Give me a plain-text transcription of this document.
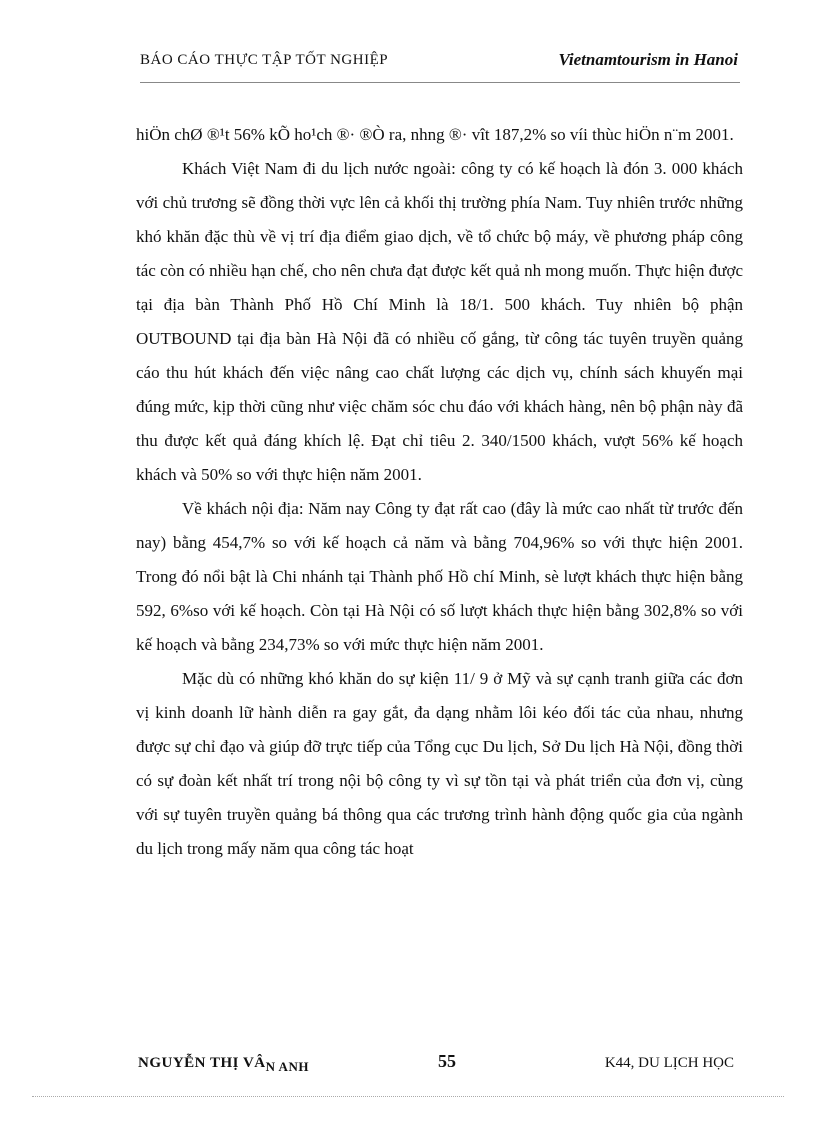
BÁO CÁO THỰC TẬP TỐT NGHIỆP	Vietnamtourism in Hanoi

hiÖn chØ ®¹t 56% kÕ ho¹ch ®· ®Ò ra, nhng ®· vît 187,2% so víi thùc hiÖn n¨m 2001.

Khách Việt Nam đi du lịch nước ngoài: công ty có kế hoạch là đón 3. 000 khách với chủ trương sẽ đồng thời vực lên cả khối thị trường phía Nam. Tuy nhiên trước những khó khăn đặc thù về vị trí địa điểm giao dịch, về tổ chức bộ máy, về phương pháp công tác còn có nhiều hạn chế, cho nên chưa đạt được kết quả nh mong muốn. Thực hiện được tại địa bàn Thành Phố Hồ Chí Minh là 18/1. 500 khách. Tuy nhiên bộ phận OUTBOUND tại địa bàn Hà Nội đã có nhiều cố gắng, từ công tác tuyên truyền quảng cáo thu hút khách đến việc nâng cao chất lượng các dịch vụ, chính sách khuyến mại đúng mức, kịp thời cũng như việc chăm sóc chu đáo với khách hàng, nên bộ phận này đã thu được kết quả đáng khích lệ. Đạt chỉ tiêu 2. 340/1500 khách, vượt 56% kế hoạch khách và 50% so với thực hiện năm 2001.

Về khách nội địa: Năm nay Công ty đạt rất cao (đây là mức cao nhất từ trước đến nay) bằng 454,7% so với kế hoạch cả năm và bằng 704,96% so với thực hiện 2001. Trong đó nổi bật là Chi nhánh tại Thành phố Hồ chí Minh, sè lượt khách thực hiện bằng 592, 6%so với kế hoạch. Còn tại Hà Nội có số lượt khách thực hiện bằng 302,8% so với kế hoạch và bằng 234,73% so với mức thực hiện năm 2001.

Mặc dù có những khó khăn do sự kiện 11/ 9 ở Mỹ và sự cạnh tranh giữa các đơn vị kinh doanh lữ hành diễn ra gay gắt, đa dạng nhằm lôi kéo đối tác của nhau, nhưng được sự chỉ đạo và giúp đỡ trực tiếp của Tổng cục Du lịch, Sở Du lịch Hà Nội, đồng thời có sự đoàn kết nhất trí trong nội bộ công ty vì sự tồn tại và phát triển của đơn vị, cùng với sự tuyên truyền quảng bá thông qua các trương trình hành động quốc gia của ngành du lịch trong mấy năm qua công tác hoạt

NGUYỄN THỊ VÂN ANH	55	K44, DU LỊCH HỌC
